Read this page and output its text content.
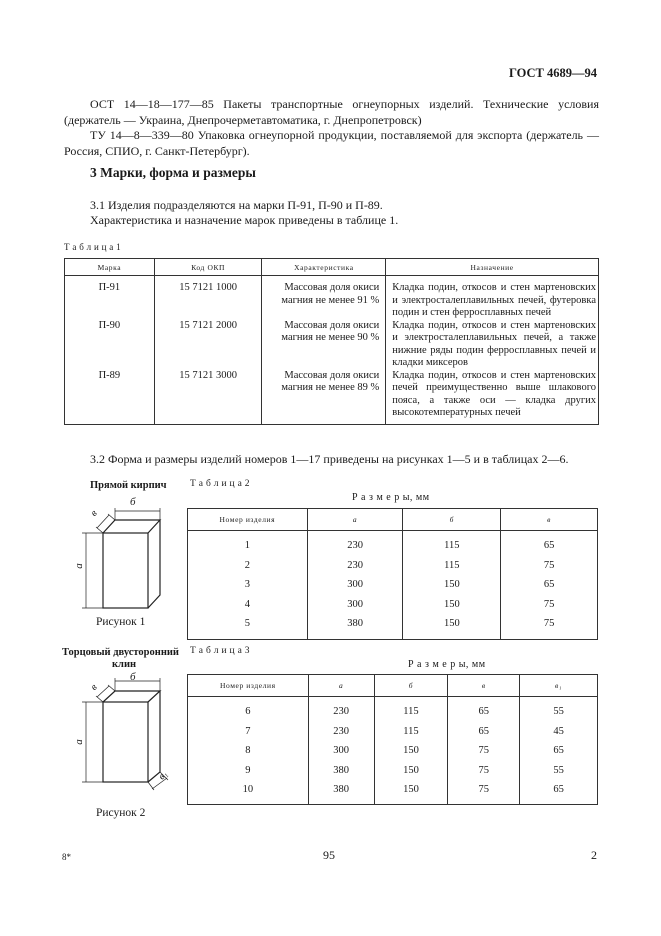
ГОСТ 4689—94
ОСТ 14—18—177—85 Пакеты транспортные огнеупорных изделий. Технические условия (держатель — Украина, Днепрочерметавтоматика, г. Днепропетровск)
ТУ 14—8—339—80 Упаковка огнеупорной продукции, поставляемой для экспорта (держатель — Россия, СПИО, г. Санкт-Петербург).
3 Марки, форма и размеры
3.1 Изделия подразделяются на марки П-91, П-90 и П-89.
Характеристика и назначение марок приведены в таблице 1.
Т а б л и ц а 1
Марка	Код ОКП	Характеристика	Назначение
П-91	15 7121 1000	Массовая доля окиси магния не менее 91 %	Кладка подин, откосов и стен мартеновских и электросталеплавильных печей, футеровка подин и стен ферросплавных печей
П-90	15 7121 2000	Массовая доля окиси магния не менее 90 %	Кладка подин, откосов и стен мартеновских и электросталеплавильных печей, а также нижние ряды подин ферросплавных печей и кладки миксеров
П-89	15 7121 3000	Массовая доля окиси магния не менее 89 %	Кладка подин, откосов и стен мартеновских печей преимущественно выше шлакового пояса, а также оси — кладка других высокотемпературных печей
3.2 Форма и размеры изделий номеров 1—17 приведены на рисунках 1—5 и в таблицах 2—6.
Прямой кирпич
б
в
а
Рисунок 1
Т а б л и ц а 2
Р а з м е р ы, мм
Номер изделия	а	б	в
1	230	115	65
2	230	115	75
3	300	150	65
4	300	150	75
5	380	150	75
Торцовый двусторонний
клин
б
в
а
в₁
Рисунок 2
Т а б л и ц а 3
Р а з м е р ы, мм
Номер изделия	а	б	в	в₁
6	230	115	65	55
7	230	115	65	45
8	300	150	75	65
9	380	150	75	55
10	380	150	75	65
8*	95	2
